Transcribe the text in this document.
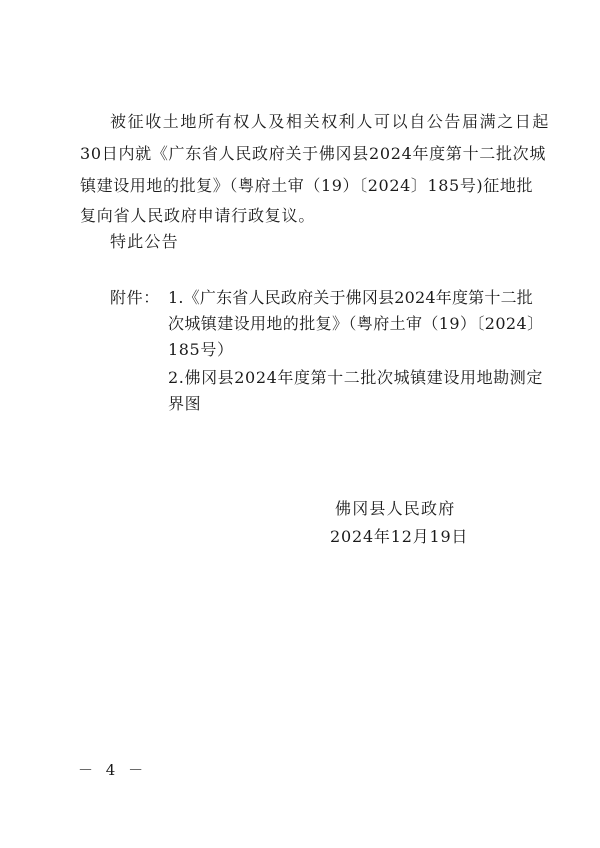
被征收土地所有权人及相关权利人可以自公告届满之日起
30日内就《广东省人民政府关于佛冈县2024年度第十二批次城
镇建设用地的批复》（粤府土审（19）〔2024〕185号)征地批
复向省人民政府申请行政复议。
特此公告
附件： 1.《广东省人民政府关于佛冈县2024年度第十二批
次城镇建设用地的批复》（粤府土审（19）〔2024〕
185号）
2.佛冈县2024年度第十二批次城镇建设用地勘测定
界图
佛冈县人民政府
2024年12月19日
－ 4 －
